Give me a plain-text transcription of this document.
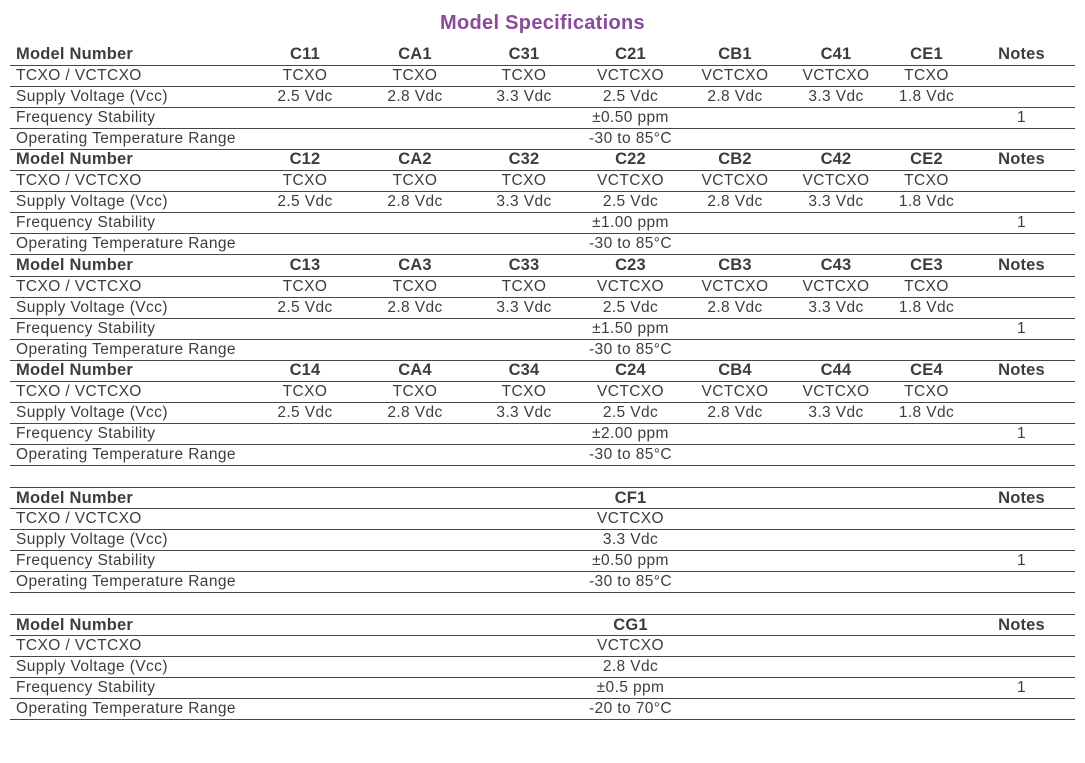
Model Specifications
Model Number	C11	CA1	C31	C21	CB1	C41	CE1	Notes
TCXO / VCTCXO	TCXO	TCXO	TCXO	VCTCXO	VCTCXO	VCTCXO	TCXO	
Supply Voltage (Vcc)	2.5 Vdc	2.8 Vdc	3.3 Vdc	2.5 Vdc	2.8 Vdc	3.3 Vdc	1.8 Vdc	
Frequency Stability				±0.50 ppm				1
Operating Temperature Range				-30 to 85°C				
Model Number	C12	CA2	C32	C22	CB2	C42	CE2	Notes
TCXO / VCTCXO	TCXO	TCXO	TCXO	VCTCXO	VCTCXO	VCTCXO	TCXO	
Supply Voltage (Vcc)	2.5 Vdc	2.8 Vdc	3.3 Vdc	2.5 Vdc	2.8 Vdc	3.3 Vdc	1.8 Vdc	
Frequency Stability				±1.00 ppm				1
Operating Temperature Range				-30 to 85°C				
Model Number	C13	CA3	C33	C23	CB3	C43	CE3	Notes
TCXO / VCTCXO	TCXO	TCXO	TCXO	VCTCXO	VCTCXO	VCTCXO	TCXO	
Supply Voltage (Vcc)	2.5 Vdc	2.8 Vdc	3.3 Vdc	2.5 Vdc	2.8 Vdc	3.3 Vdc	1.8 Vdc	
Frequency Stability				±1.50 ppm				1
Operating Temperature Range				-30 to 85°C				
Model Number	C14	CA4	C34	C24	CB4	C44	CE4	Notes
TCXO / VCTCXO	TCXO	TCXO	TCXO	VCTCXO	VCTCXO	VCTCXO	TCXO	
Supply Voltage (Vcc)	2.5 Vdc	2.8 Vdc	3.3 Vdc	2.5 Vdc	2.8 Vdc	3.3 Vdc	1.8 Vdc	
Frequency Stability				±2.00 ppm				1
Operating Temperature Range				-30 to 85°C				
Model Number				CF1				Notes
TCXO / VCTCXO				VCTCXO				
Supply Voltage (Vcc)				3.3 Vdc				
Frequency Stability				±0.50 ppm				1
Operating Temperature Range				-30 to 85°C				
Model Number				CG1				Notes
TCXO / VCTCXO				VCTCXO				
Supply Voltage (Vcc)				2.8 Vdc				
Frequency Stability				±0.5 ppm				1
Operating Temperature Range				-20 to 70°C				
